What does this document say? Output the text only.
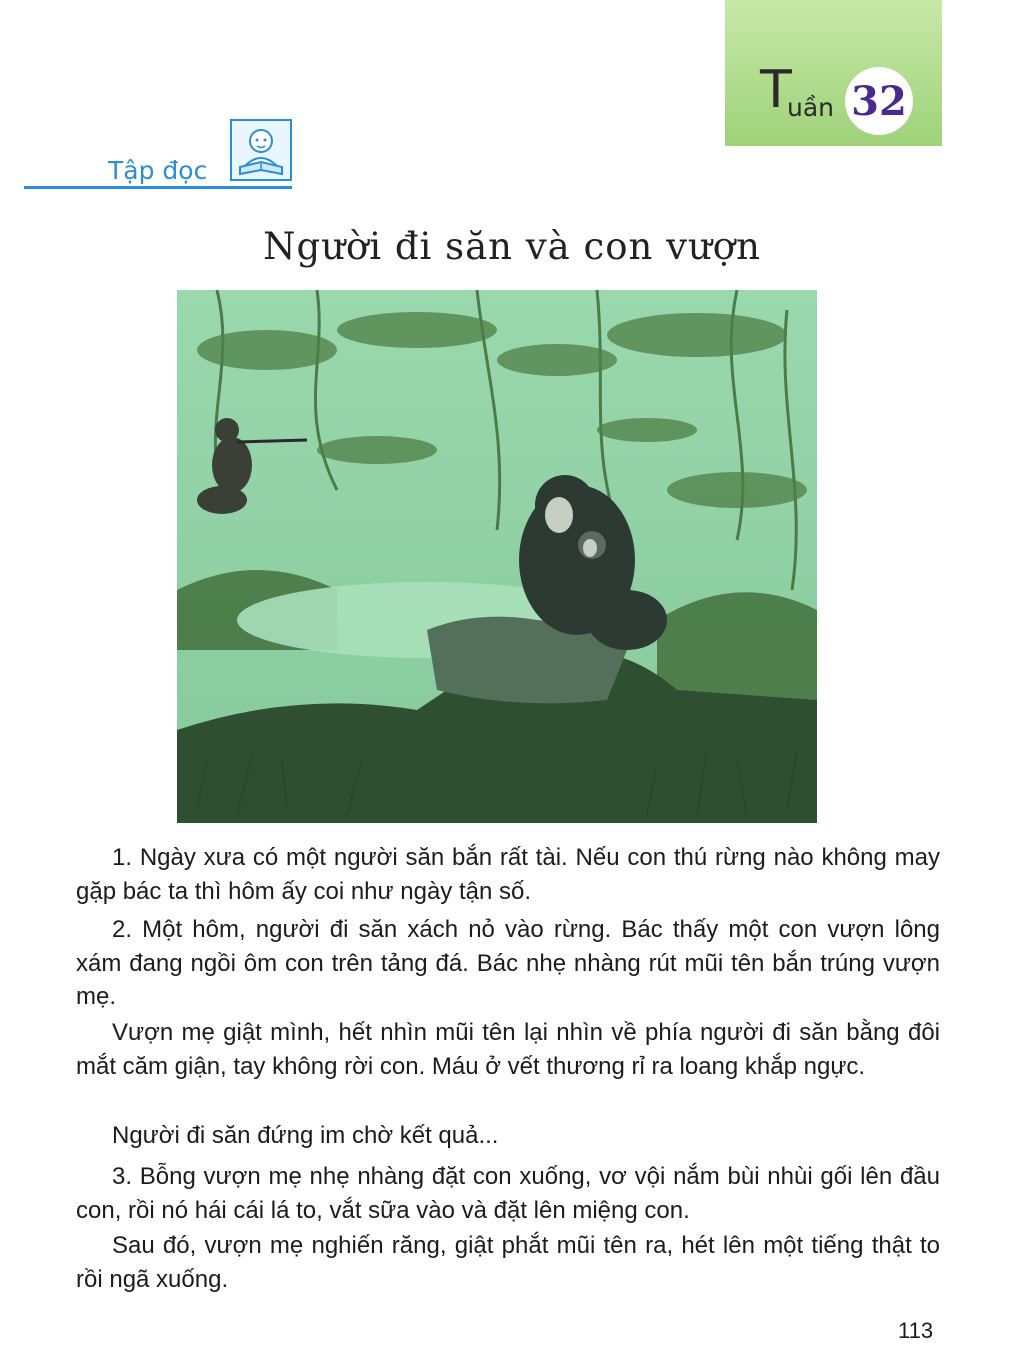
T
uần 32
Tập đọc
Người đi săn và con vượn

1. Ngày xưa có một người săn bắn rất tài. Nếu con thú rừng nào không may gặp bác ta thì hôm ấy coi như ngày tận số.

2. Một hôm, người đi săn xách nỏ vào rừng. Bác thấy một con vượn lông xám đang ngồi ôm con trên tảng đá. Bác nhẹ nhàng rút mũi tên bắn trúng vượn mẹ.

Vượn mẹ giật mình, hết nhìn mũi tên lại nhìn về phía người đi săn bằng đôi mắt căm giận, tay không rời con. Máu ở vết thương rỉ ra loang khắp ngực.

Người đi săn đứng im chờ kết quả...

3. Bỗng vượn mẹ nhẹ nhàng đặt con xuống, vơ vội nắm bùi nhùi gối lên đầu con, rồi nó hái cái lá to, vắt sữa vào và đặt lên miệng con.

Sau đó, vượn mẹ nghiến răng, giật phắt mũi tên ra, hét lên một tiếng thật to rồi ngã xuống.

113
